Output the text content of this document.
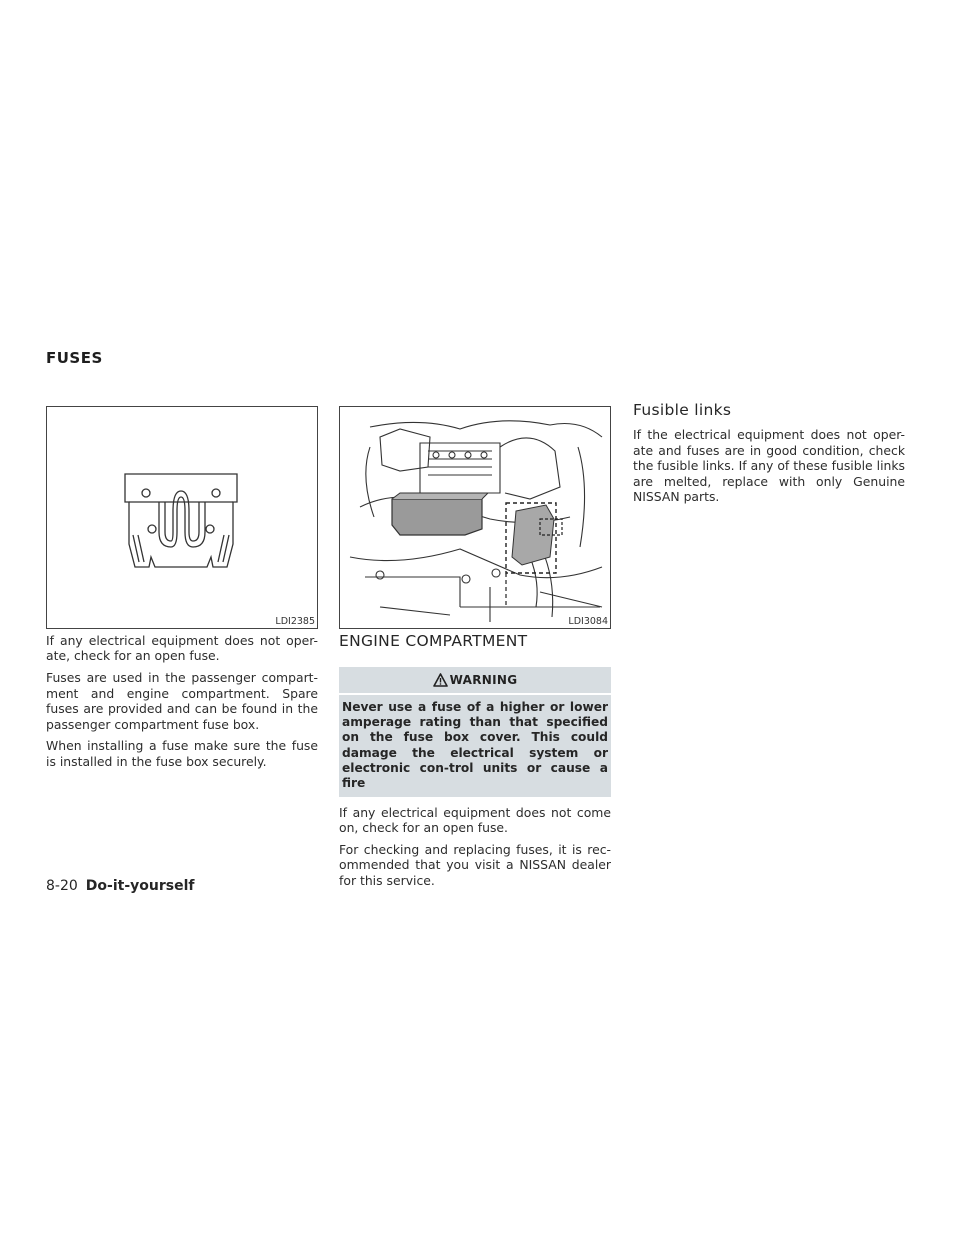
FUSES
LDI2385	LDI3084

If any electrical equipment does not oper-ate, check for an open fuse.

Fuses are used in the passenger compart-ment and engine compartment. Spare fuses are provided and can be found in the passenger compartment fuse box.

When installing a fuse make sure the fuse is installed in the fuse box securely.

ENGINE COMPARTMENT
WARNING
Never use a fuse of a higher or lower amperage rating than that specified on the fuse box cover. This could damage the electrical system or electronic con-trol units or cause a fire

If any electrical equipment does not come on, check for an open fuse.

For checking and replacing fuses, it is rec-ommended that you visit a NISSAN dealer for this service.

Fusible links

If the electrical equipment does not oper-ate and fuses are in good condition, check the fusible links. If any of these fusible links are melted, replace with only Genuine NISSAN parts.

8-20 Do-it-yourself
